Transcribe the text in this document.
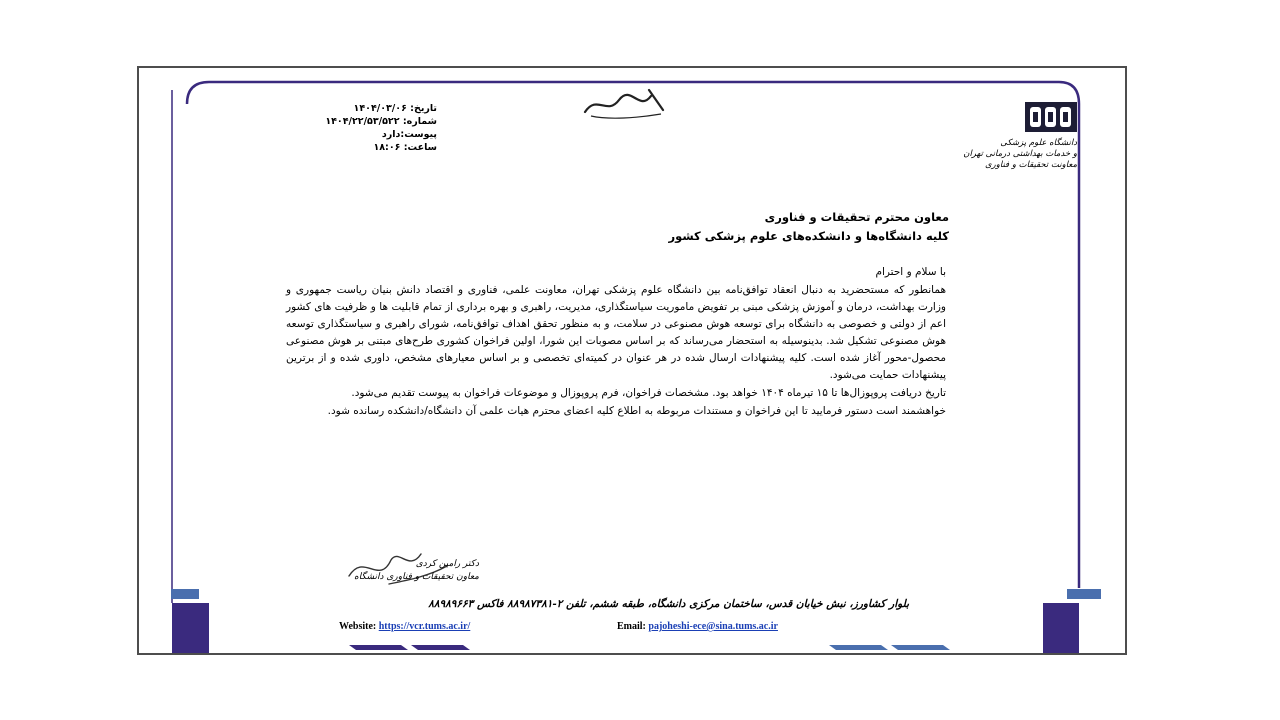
تاریخ: ۱۴۰۴/۰۳/۰۶
شماره: ۱۴۰۴/۲۲/۵۳/۵۲۲
پیوست:دارد
ساعت: ۱۸:۰۶	دانشگاه علوم پزشکی
و خدمات بهداشتی درمانی تهران
معاونت تحقیقات و فناوری
معاون محترم تحقیقات و فناوری
کلیه دانشگاه‌ها و دانشکده‌های علوم پزشکی کشور
با سلام و احترام

همانطور که مستحضرید به دنبال انعقاد توافق‌نامه بین دانشگاه علوم پزشکی تهران، معاونت علمی، فناوری و اقتصاد دانش بنیان ریاست جمهوری و وزارت بهداشت، درمان و آموزش پزشکی مبنی بر تفویض ماموریت سیاستگذاری، مدیریت، راهبری و بهره برداری از تمام قابلیت ها و ظرفیت های کشور اعم از دولتی و خصوصی به دانشگاه برای توسعه هوش مصنوعی در سلامت، و به منظور تحقق اهداف توافق‌نامه، شورای راهبری و سیاستگذاری توسعه هوش مصنوعی تشکیل شد. بدینوسیله به استحضار می‌رساند که بر اساس مصوبات این شورا، اولین فراخوان کشوری طرح‌های مبتنی بر هوش مصنوعی محصول-محور آغاز شده است. کلیه پیشنهادات ارسال شده در هر عنوان در کمیته‌ای تخصصی و بر اساس معیارهای مشخص، داوری شده و از برترین پیشنهادات حمایت می‌شود.

تاریخ دریافت پروپوزال‌ها تا ۱۵ تیرماه ۱۴۰۴ خواهد بود. مشخصات فراخوان، فرم پروپوزال و موضوعات فراخوان به پیوست تقدیم می‌شود.

خواهشمند است دستور فرمایید تا این فراخوان و مستندات مربوطه به اطلاع کلیه اعضای محترم هیات علمی آن دانشگاه/دانشکده رسانده شود.

دکتر رامین کردی
معاون تحقیقات و فناوری دانشگاه
بلوار کشاورز، نبش خیابان قدس، ساختمان مرکزی دانشگاه، طبقه ششم، تلفن ۲-۸۸۹۸۷۳۸۱ فاکس ۸۸۹۸۹۶۶۳
Website: https://vcr.tums.ac.ir/	Email: pajoheshi-ece@sina.tums.ac.ir
